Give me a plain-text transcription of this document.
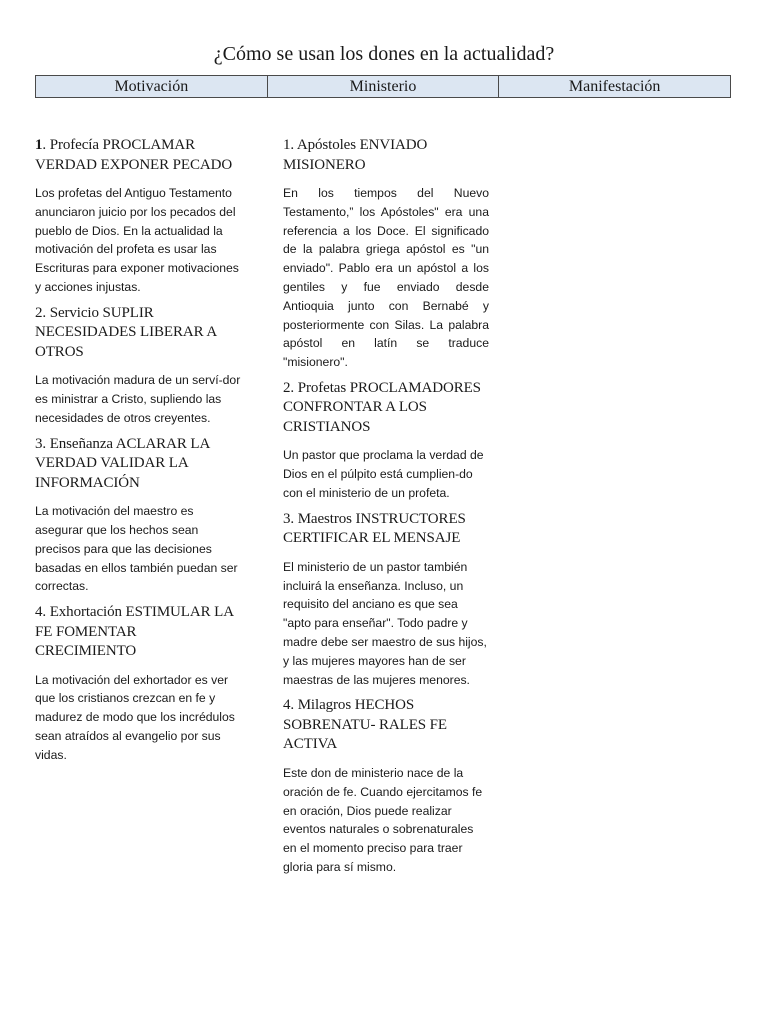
¿Cómo se usan los dones en la actualidad?
Motivación	Ministerio	Manifestación

1. Profecía PROCLAMAR VERDAD EXPONER PECADO

Los profetas del Antiguo Testamento anunciaron juicio por los pecados del pueblo de Dios. En la actualidad la motivación del profeta es usar las Escrituras para exponer motivaciones y acciones injustas.

2. Servicio SUPLIR NECESIDADES LIBERAR A OTROS

La motivación madura de un serví-dor es ministrar a Cristo, supliendo las necesidades de otros creyentes.

3. Enseñanza ACLARAR LA VERDAD VALIDAR LA INFORMACIÓN

La motivación del maestro es asegurar que los hechos sean precisos para que las decisiones basadas en ellos también puedan ser correctas.

4. Exhortación ESTIMULAR LA FE FOMENTAR CRECIMIENTO

La motivación del exhortador es ver que los cristianos crezcan en fe y madurez de modo que los incrédulos sean atraídos al evangelio por sus vidas.

1. Apóstoles ENVIADO MISIONERO

En los tiempos del Nuevo Testamento,” los Apóstoles" era una referencia a los Doce. El significado de la palabra griega apóstol es "un enviado". Pablo era un apóstol a los gentiles y fue enviado desde Antioquia junto con Bernabé y posteriormente con Silas. La palabra apóstol en latín se traduce "misionero".

2. Profetas PROCLAMADORES CONFRONTAR A LOS CRISTIANOS

Un pastor que proclama la verdad de Dios en el púlpito está cumplien-do con el ministerio de un profeta.

3. Maestros INSTRUCTORES CERTIFICAR EL MENSAJE

El ministerio de un pastor también incluirá la enseñanza. Incluso, un requisito del anciano es que sea "apto para enseñar". Todo padre y madre debe ser maestro de sus hijos, y las mujeres mayores han de ser maestras de las mujeres menores.

4. Milagros HECHOS SOBRENATU- RALES FE ACTIVA

Este don de ministerio nace de la oración de fe. Cuando ejercitamos fe en oración, Dios puede realizar eventos naturales o sobrenaturales en el momento preciso para traer gloria para sí mismo.
